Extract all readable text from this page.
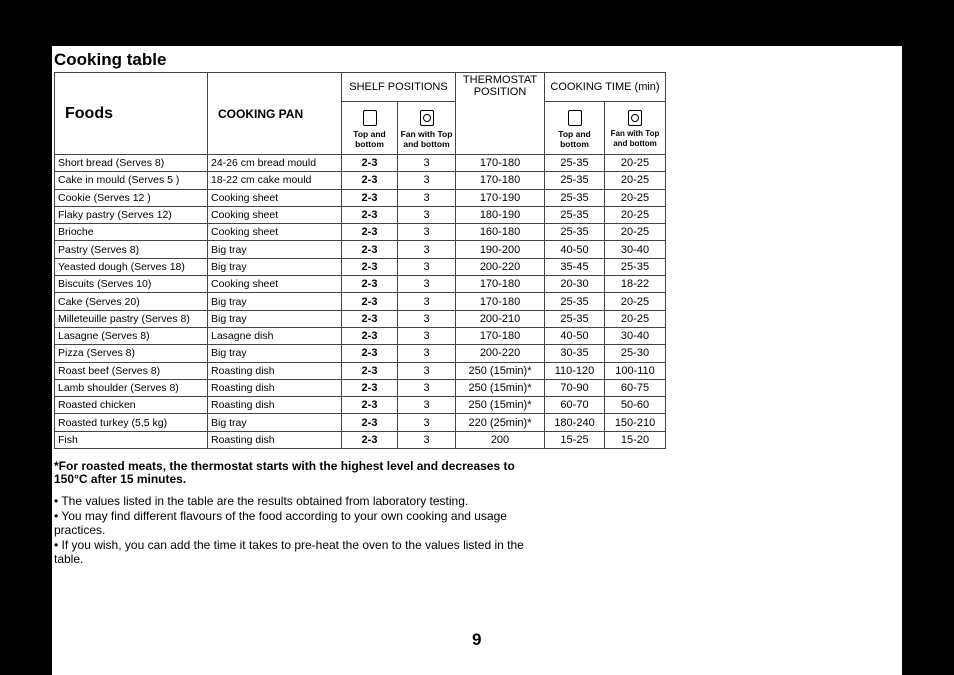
Cooking table
Foods	COOKING PAN	SHELF POSITIONS		THERMOSTAT POSITION	COOKING TIME (min)	

		Top and bottom	Fan with Top and bottom		Top and bottom	Fan with Top and bottom

Short bread (Serves 8)	24-26 cm bread mould	2-3	3	170-180	25-35	20-25
Cake in mould (Serves 5 )	18-22 cm cake mould	2-3	3	170-180	25-35	20-25
Cookie (Serves 12 )	Cooking sheet	2-3	3	170-190	25-35	20-25
Flaky pastry (Serves 12)	Cooking sheet	2-3	3	180-190	25-35	20-25
Brioche	Cooking sheet	2-3	3	160-180	25-35	20-25
Pastry (Serves 8)	Big tray	2-3	3	190-200	40-50	30-40
Yeasted dough (Serves 18)	Big tray	2-3	3	200-220	35-45	25-35
Biscuits (Serves 10)	Cooking sheet	2-3	3	170-180	20-30	18-22
Cake (Serves 20)	Big tray	2-3	3	170-180	25-35	20-25
Milleteuille pastry (Serves 8)	Big tray	2-3	3	200-210	25-35	20-25
Lasagne (Serves 8)	Lasagne dish	2-3	3	170-180	40-50	30-40
Pizza (Serves 8)	Big tray	2-3	3	200-220	30-35	25-30
Roast beef (Serves 8)	Roasting dish	2-3	3	250 (15min)*	110-120	100-110
Lamb shoulder (Serves 8)	Roasting dish	2-3	3	250 (15min)*	70-90	60-75
Roasted chicken	Roasting dish	2-3	3	250 (15min)*	60-70	50-60
Roasted turkey (5,5 kg)	Big tray	2-3	3	220 (25min)*	180-240	150-210
Fish	Roasting dish	2-3	3	200	15-25	15-20
*For roasted meats, the thermostat starts with the highest level and decreases to 150°C after 15 minutes.
• The values listed in the table are the results obtained from laboratory testing.
• You may find different flavours of the food according to your own cooking and usage practices.
• If you wish, you can add the time it takes to pre-heat the oven to the values listed in the table.
9
